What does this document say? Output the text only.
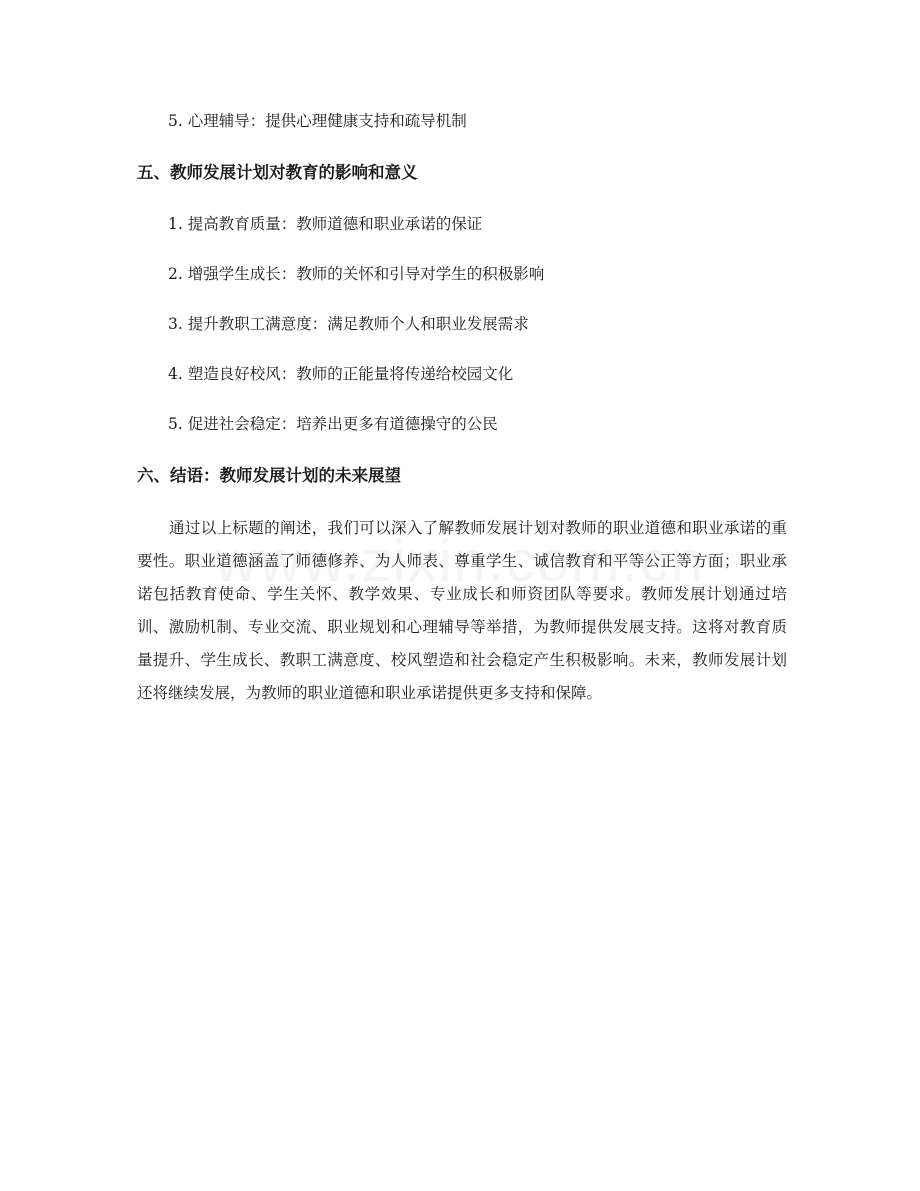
5. 心理辅导：提供心理健康支持和疏导机制
五、教师发展计划对教育的影响和意义
1. 提高教育质量：教师道德和职业承诺的保证
2. 增强学生成长：教师的关怀和引导对学生的积极影响
3. 提升教职工满意度：满足教师个人和职业发展需求
4. 塑造良好校风：教师的正能量将传递给校园文化
5. 促进社会稳定：培养出更多有道德操守的公民
六、结语：教师发展计划的未来展望
通过以上标题的阐述，我们可以深入了解教师发展计划对教师的职业道德和职业承诺的重要性。职业道德涵盖了师德修养、为人师表、尊重学生、诚信教育和平等公正等方面；职业承诺包括教育使命、学生关怀、教学效果、专业成长和师资团队等要求。教师发展计划通过培训、激励机制、专业交流、职业规划和心理辅导等举措，为教师提供发展支持。这将对教育质量提升、学生成长、教职工满意度、校风塑造和社会稳定产生积极影响。未来，教师发展计划还将继续发展，为教师的职业道德和职业承诺提供更多支持和保障。
